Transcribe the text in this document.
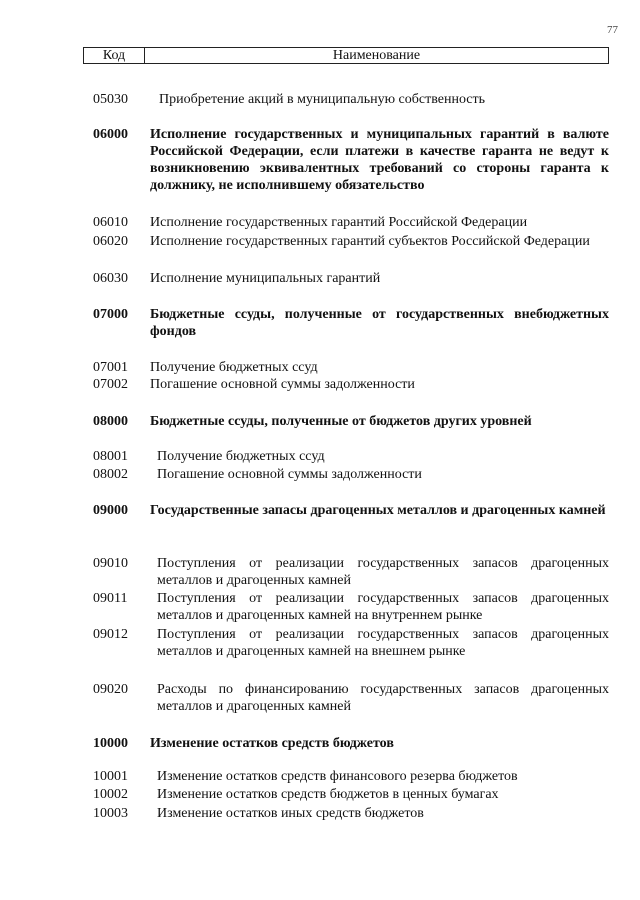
77
Код	Наименование
05030 Приобретение акций в муниципальную собственность
06000 Исполнение государственных и муниципальных гарантий в валюте Российской Федерации, если платежи в качестве гаранта не ведут к возникновению эквивалентных требований со стороны гаранта к должнику, не исполнившему обязательство
06010 Исполнение государственных гарантий Российской Федерации
06020 Исполнение государственных гарантий субъектов Российской Федерации
06030 Исполнение муниципальных гарантий
07000 Бюджетные ссуды, полученные от государственных внебюджетных фондов
07001 Получение бюджетных ссуд
07002 Погашение основной суммы задолженности
08000 Бюджетные ссуды, полученные от бюджетов других уровней
08001 Получение бюджетных ссуд
08002 Погашение основной суммы задолженности
09000 Государственные запасы драгоценных металлов и драгоценных камней
09010 Поступления от реализации государственных запасов драгоценных металлов и драгоценных камней
09011 Поступления от реализации государственных запасов драгоценных металлов и драгоценных камней на внутреннем рынке
09012 Поступления от реализации государственных запасов драгоценных металлов и драгоценных камней на внешнем рынке
09020 Расходы по финансированию государственных запасов драгоценных металлов и драгоценных камней
10000 Изменение остатков средств бюджетов
10001 Изменение остатков средств финансового резерва бюджетов
10002 Изменение остатков средств бюджетов в ценных бумагах
10003 Изменение остатков иных средств бюджетов
